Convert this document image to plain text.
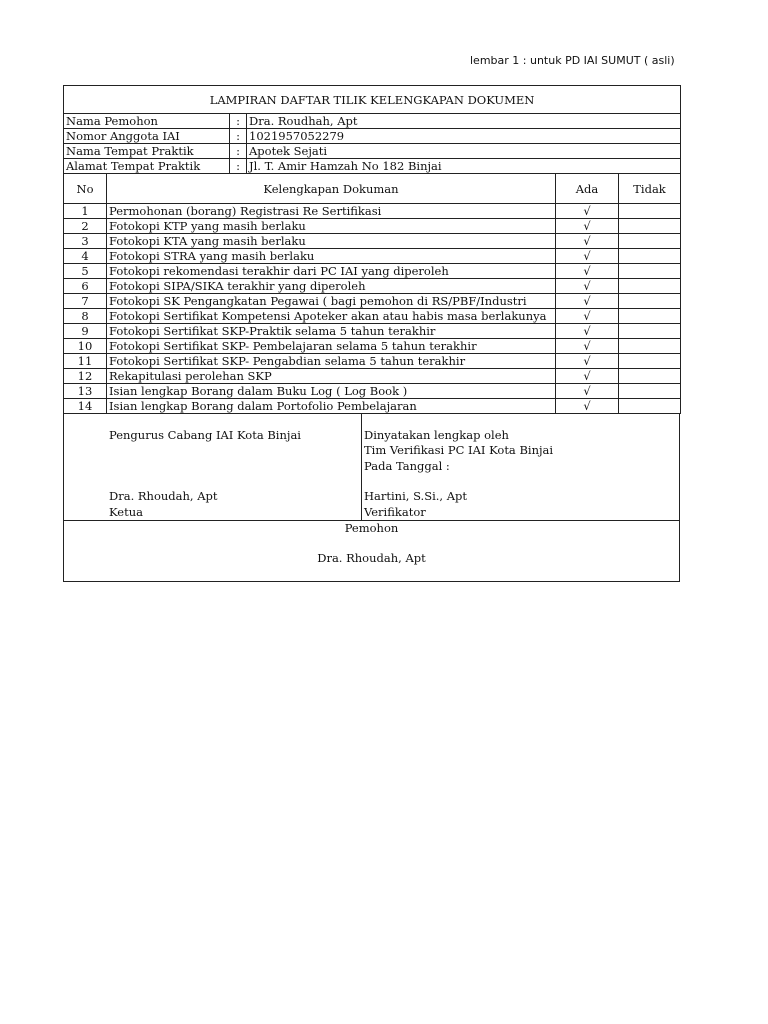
lembar 1 : untuk PD IAI SUMUT ( asli)
LAMPIRAN DAFTAR TILIK KELENGKAPAN DOKUMEN					
Nama Pemohon		:	Dra. Roudhah, Apt		
Nomor Anggota IAI		:	1021957052279		
Nama Tempat Praktik		:	Apotek Sejati		
Alamat Tempat Praktik		:	Jl. T. Amir Hamzah No 182 Binjai		
No	Kelengkapan Dokuman			Ada	Tidak
1	Permohonan (borang) Registrasi Re Sertifikasi			√	
2	Fotokopi KTP yang masih berlaku			√	
3	Fotokopi KTA yang masih berlaku			√	
4	Fotokopi STRA yang masih berlaku			√	
5	Fotokopi rekomendasi terakhir dari PC IAI yang diperoleh			√	
6	Fotokopi SIPA/SIKA terakhir yang diperoleh			√	
7	Fotokopi SK Pengangkatan Pegawai ( bagi pemohon di RS/PBF/Industri			√	
8	Fotokopi Sertifikat Kompetensi Apoteker akan atau habis masa berlakunya			√	
9	Fotokopi Sertifikat SKP-Praktik selama 5 tahun terakhir			√	
10	Fotokopi Sertifikat SKP- Pembelajaran selama 5 tahun terakhir			√	
11	Fotokopi Sertifikat SKP- Pengabdian selama 5 tahun terakhir			√	
12	Rekapitulasi perolehan SKP			√	
13	Isian lengkap Borang dalam Buku Log ( Log Book )			√	
14	Isian lengkap Borang dalam Portofolio Pembelajaran			√	
Pengurus Cabang IAI Kota Binjai
Dra. Rhoudah, Apt
Ketua
Dinyatakan lengkap oleh
Tim Verifikasi PC IAI Kota Binjai
Pada Tanggal :
Hartini, S.Si., Apt
Verifikator
Pemohon
Dra. Rhoudah, Apt
